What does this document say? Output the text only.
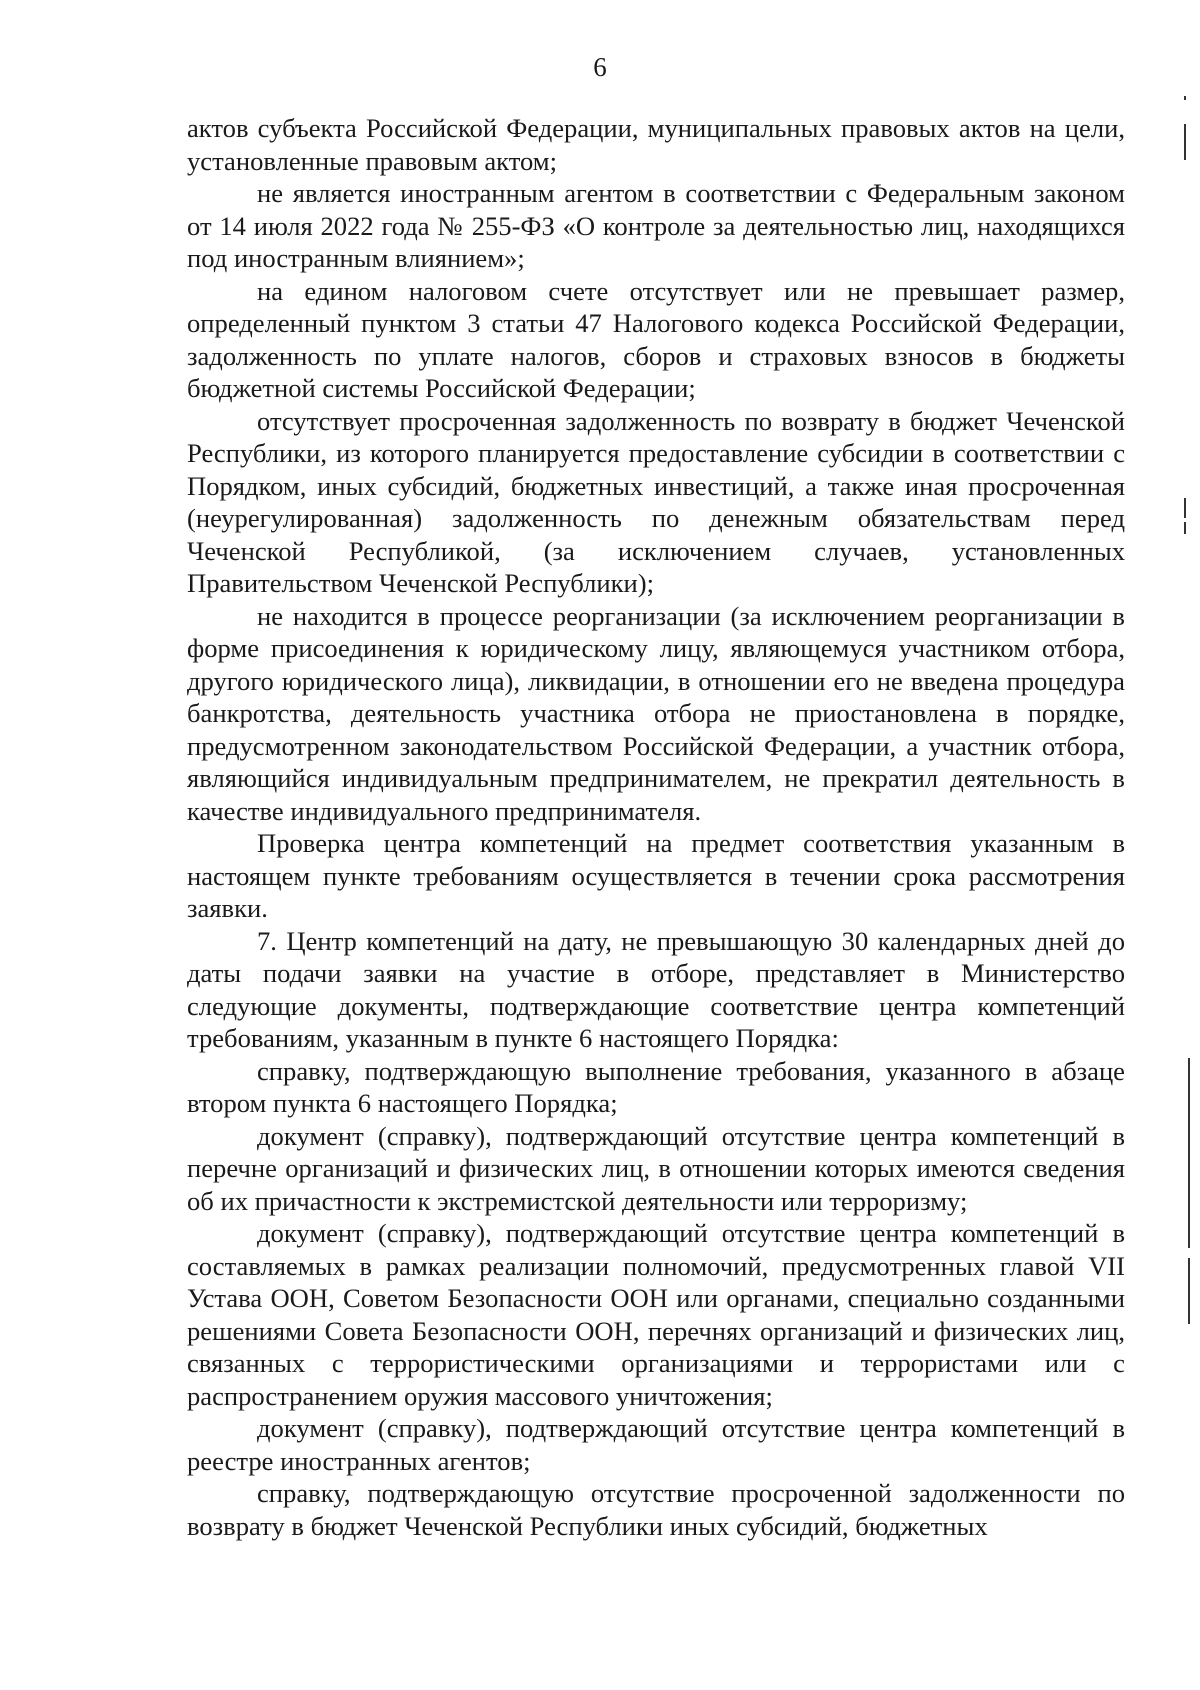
6

актов субъекта Российской Федерации, муниципальных правовых актов на цели, установленные правовым актом;

не является иностранным агентом в соответствии с Федеральным законом от 14 июля 2022 года № 255-ФЗ «О контроле за деятельностью лиц, находящихся под иностранным влиянием»;

на едином налоговом счете отсутствует или не превышает размер, определенный пунктом 3 статьи 47 Налогового кодекса Российской Федерации, задолженность по уплате налогов, сборов и страховых взносов в бюджеты бюджетной системы Российской Федерации;

отсутствует просроченная задолженность по возврату в бюджет Чеченской Республики, из которого планируется предоставление субсидии в соответствии с Порядком, иных субсидий, бюджетных инвестиций, а также иная просроченная (неурегулированная) задолженность по денежным обязательствам перед Чеченской Республикой, (за исключением случаев, установленных Правительством Чеченской Республики);

не находится в процессе реорганизации (за исключением реорганизации в форме присоединения к юридическому лицу, являющемуся участником отбора, другого юридического лица), ликвидации, в отношении его не введена процедура банкротства, деятельность участника отбора не приостановлена в порядке, предусмотренном законодательством Российской Федерации, а участник отбора, являющийся индивидуальным предпринимателем, не прекратил деятельность в качестве индивидуального предпринимателя.

Проверка центра компетенций на предмет соответствия указанным в настоящем пункте требованиям осуществляется в течении срока рассмотрения заявки.

7. Центр компетенций на дату, не превышающую 30 календарных дней до даты подачи заявки на участие в отборе, представляет в Министерство следующие документы, подтверждающие соответствие центра компетенций требованиям, указанным в пункте 6 настоящего Порядка:

справку, подтверждающую выполнение требования, указанного в абзаце втором пункта 6 настоящего Порядка;

документ (справку), подтверждающий отсутствие центра компетенций в перечне организаций и физических лиц, в отношении которых имеются сведения об их причастности к экстремистской деятельности или терроризму;

документ (справку), подтверждающий отсутствие центра компетенций в составляемых в рамках реализации полномочий, предусмотренных главой VII Устава ООН, Советом Безопасности ООН или органами, специально созданными решениями Совета Безопасности ООН, перечнях организаций и физических лиц, связанных с террористическими организациями и террористами или с распространением оружия массового уничтожения;

документ (справку), подтверждающий отсутствие центра компетенций в реестре иностранных агентов;

справку, подтверждающую отсутствие просроченной задолженности по возврату в бюджет Чеченской Республики иных субсидий, бюджетных
